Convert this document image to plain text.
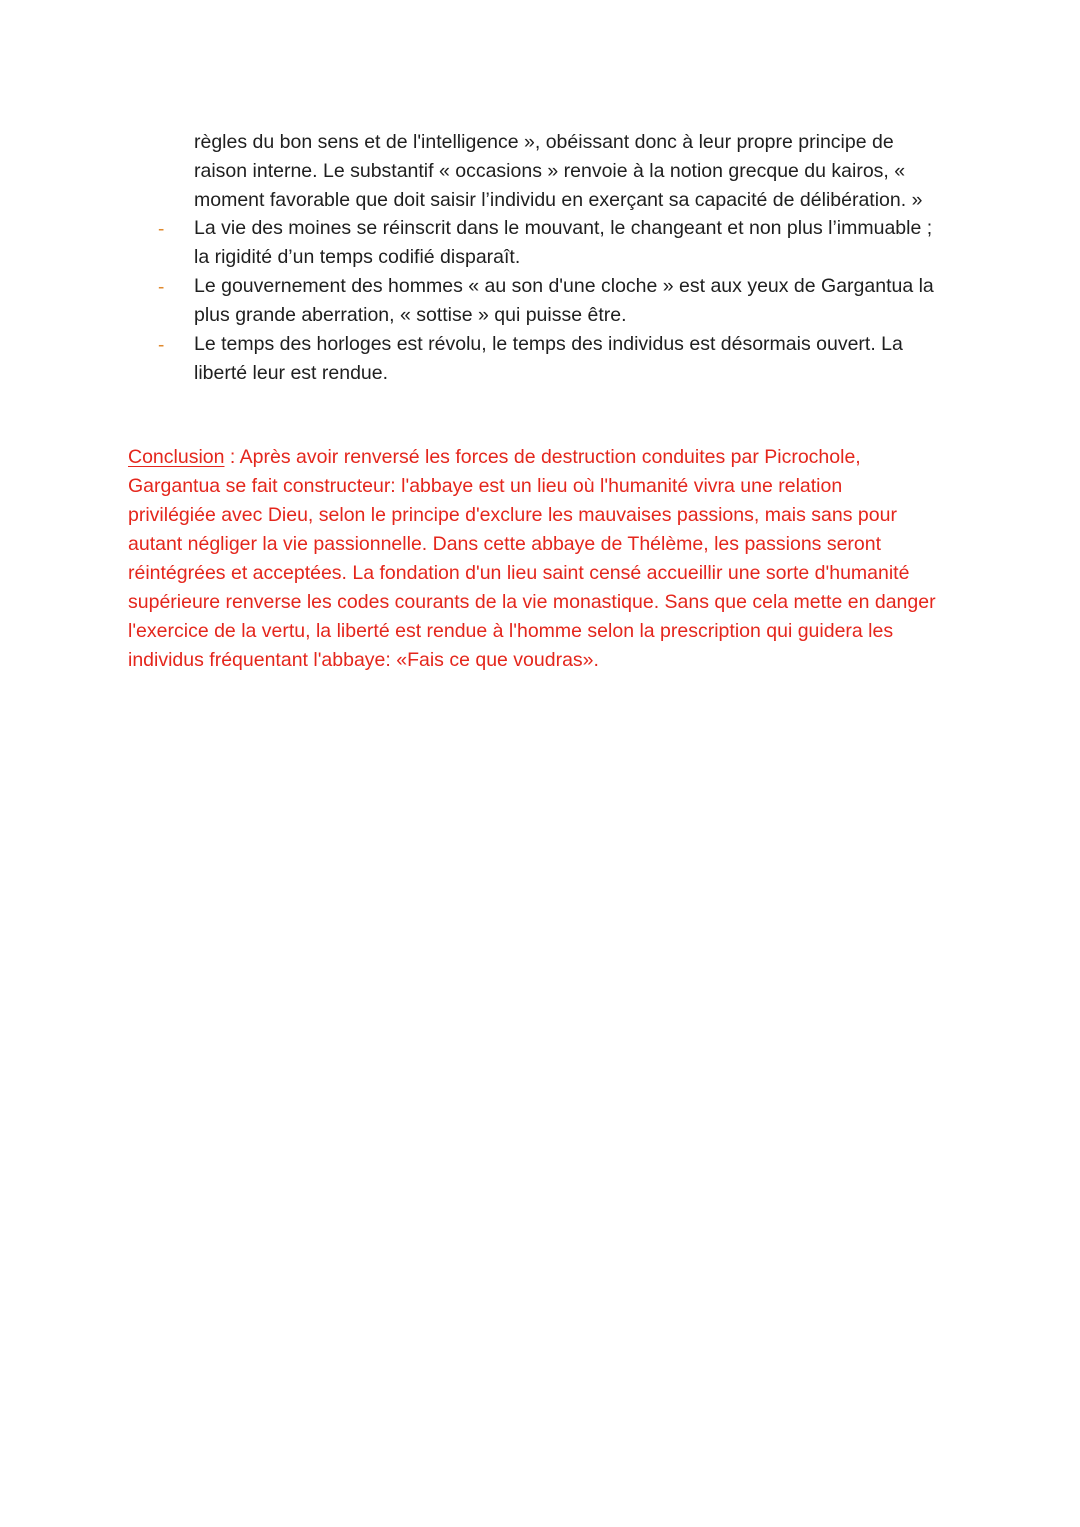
règles du bon sens et de l'intelligence », obéissant donc à leur propre principe de
raison interne. Le substantif « occasions » renvoie à la notion grecque du kairos, «
moment favorable que doit saisir l’individu en exerçant sa capacité de délibération. »
- La vie des moines se réinscrit dans le mouvant, le changeant et non plus l’immuable ;
la rigidité d’un temps codifié disparaît.
- Le gouvernement des hommes « au son d'une cloche » est aux yeux de Gargantua la
plus grande aberration, « sottise » qui puisse être.
- Le temps des horloges est révolu, le temps des individus est désormais ouvert. La
liberté leur est rendue.
Conclusion : Après avoir renversé les forces de destruction conduites par Picrochole,
Gargantua se fait constructeur: l'abbaye est un lieu où l'humanité vivra une relation
privilégiée avec Dieu, selon le principe d'exclure les mauvaises passions, mais sans pour
autant négliger la vie passionnelle. Dans cette abbaye de Thélème, les passions seront
réintégrées et acceptées. La fondation d'un lieu saint censé accueillir une sorte d'humanité
supérieure renverse les codes courants de la vie monastique. Sans que cela mette en danger
l'exercice de la vertu, la liberté est rendue à l'homme selon la prescription qui guidera les
individus fréquentant l'abbaye: «Fais ce que voudras».
